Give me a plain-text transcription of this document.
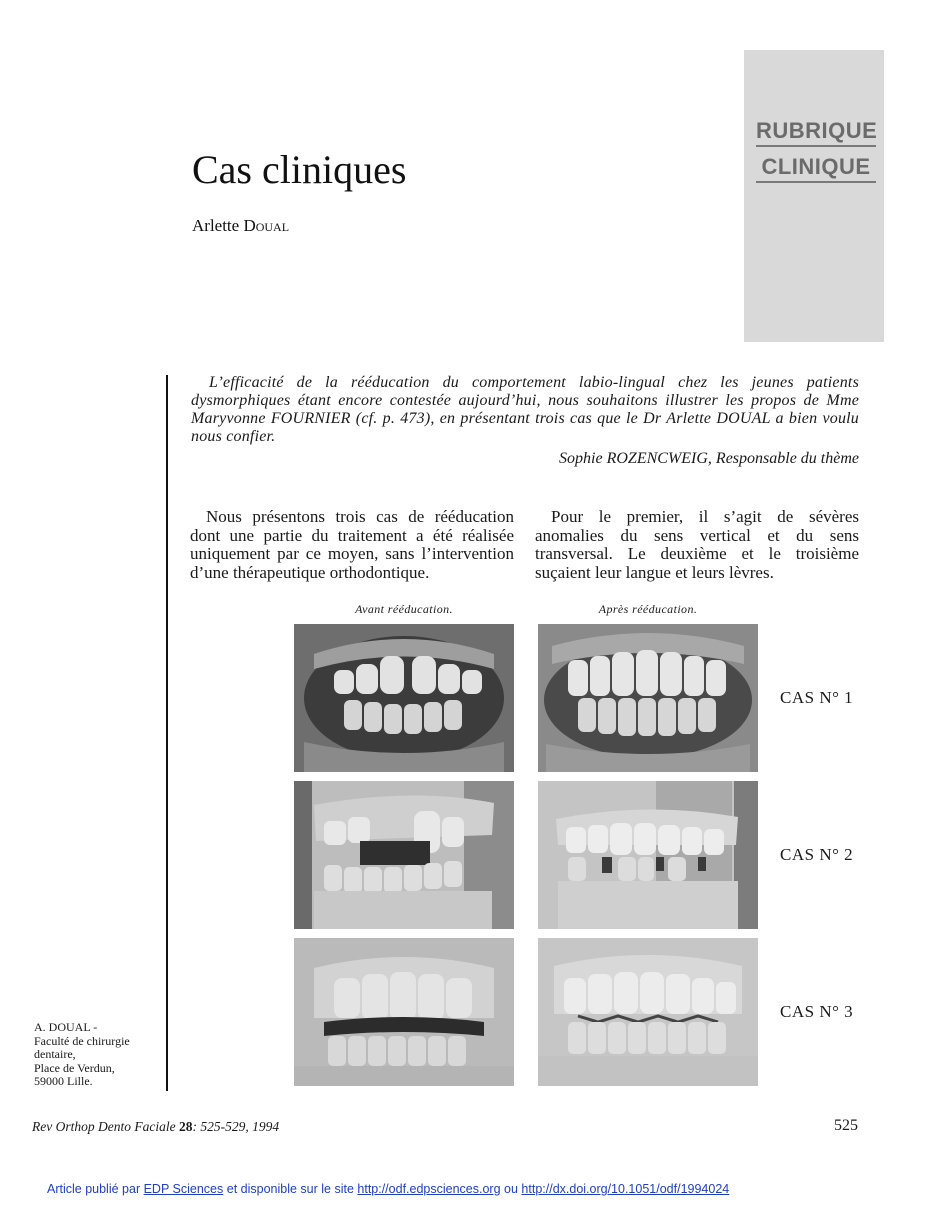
RUBRIQUE
CLINIQUE
Cas cliniques
Arlette Doual
L’efficacité de la rééducation du comportement labio-lingual chez les jeunes patients dysmorphiques étant encore contestée aujourd’hui, nous souhaitons illustrer les propos de Mme Maryvonne FOURNIER (cf. p. 473), en présentant trois cas que le Dr Arlette DOUAL a bien voulu nous confier.
Sophie ROZENCWEIG, Responsable du thème

Nous présentons trois cas de rééducation dont une partie du traitement a été réalisée uniquement par ce moyen, sans l’intervention d’une thérapeutique orthodontique.

Pour le premier, il s’agit de sévères anomalies du sens vertical et du sens transversal. Le deuxième et le troisième suçaient leur langue et leurs lèvres.

Avant rééducation.	Après rééducation.
CAS N° 1
CAS N° 2
CAS N° 3
A. DOUAL -
Faculté de chirurgie
dentaire,
Place de Verdun,
59000 Lille.
Rev Orthop Dento Faciale 28: 525-529, 1994	525
Article publié par EDP Sciences et disponible sur le site http://odf.edpsciences.org ou http://dx.doi.org/10.1051/odf/1994024
